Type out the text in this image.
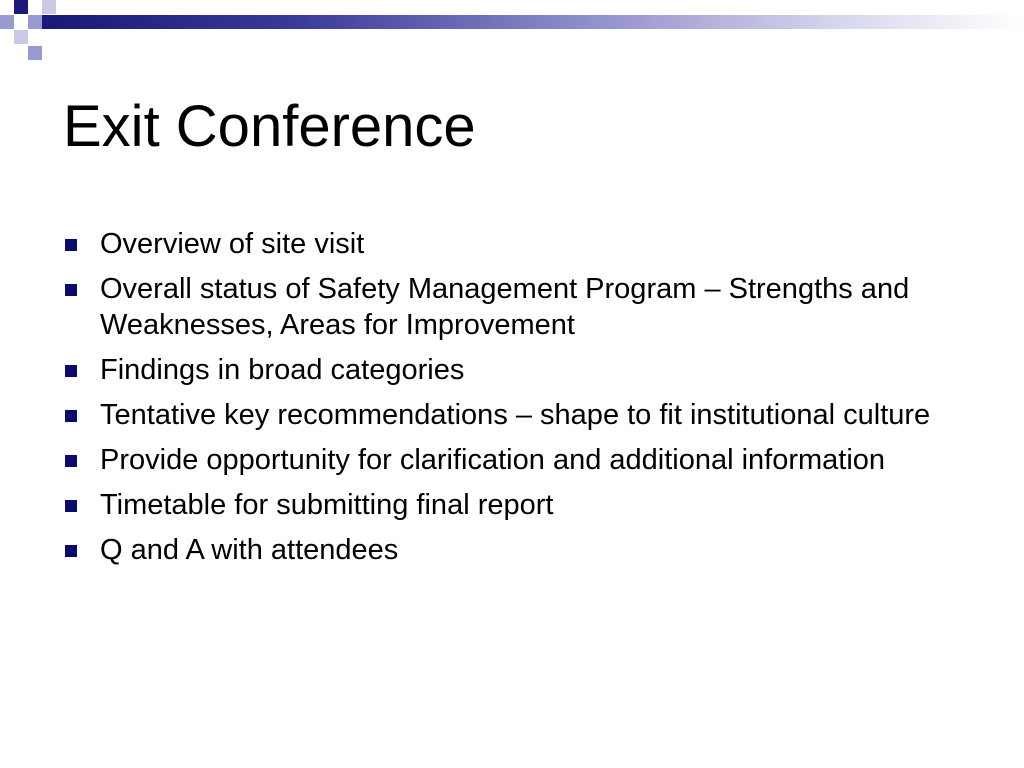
Exit Conference
Overview of site visit
Overall status of Safety Management Program – Strengths and Weaknesses, Areas for Improvement
Findings in broad categories
Tentative key recommendations – shape to fit institutional culture
Provide opportunity for clarification and additional information
Timetable for submitting final report
Q and A with attendees
